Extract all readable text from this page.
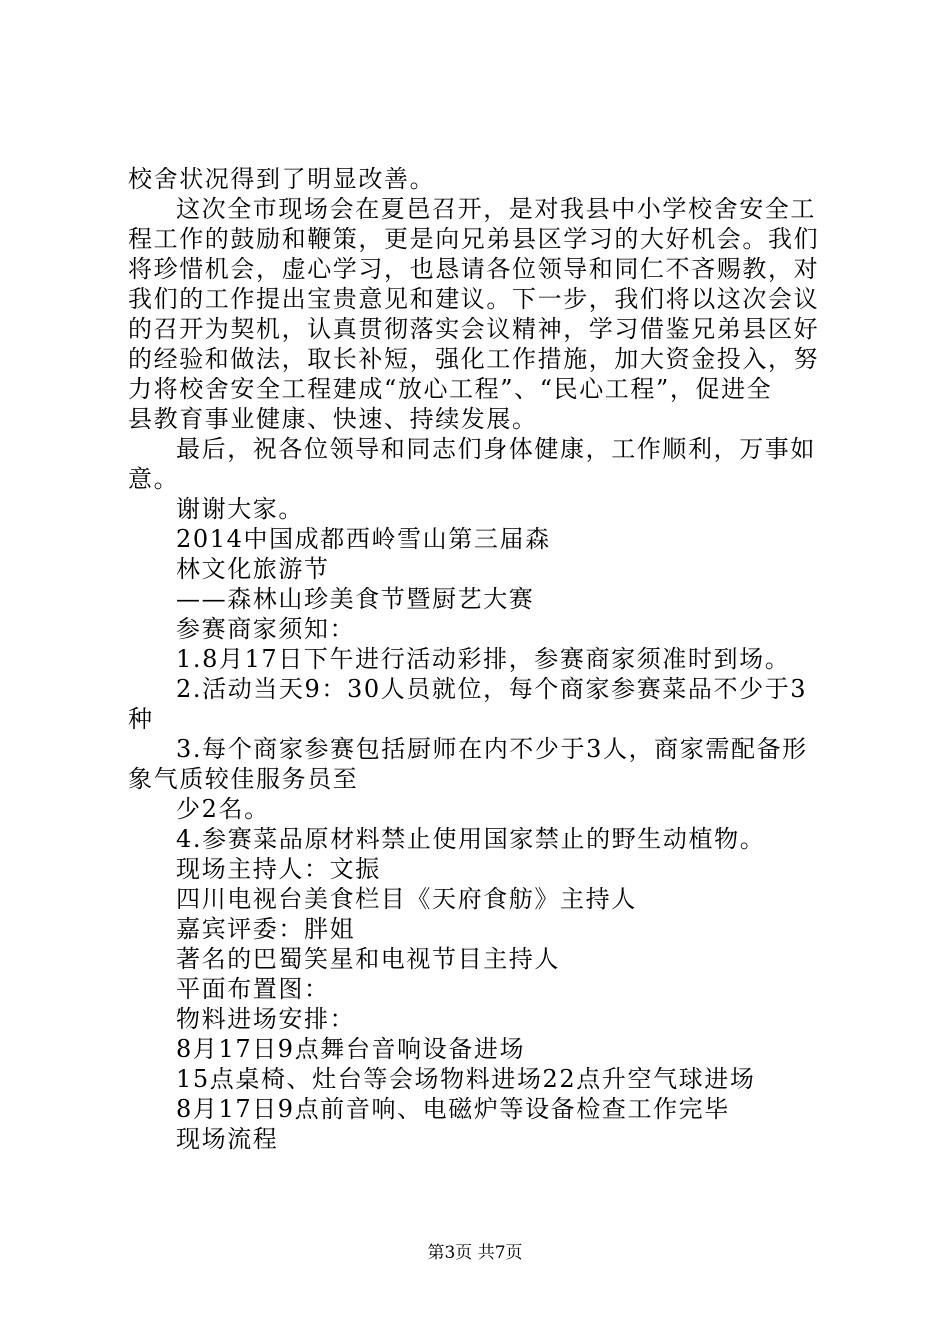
校舍状况得到了明显改善。
这次全市现场会在夏邑召开，是对我县中小学校舍安全工
程工作的鼓励和鞭策，更是向兄弟县区学习的大好机会。我们
将珍惜机会，虚心学习，也恳请各位领导和同仁不吝赐教，对
我们的工作提出宝贵意见和建议。下一步，我们将以这次会议
的召开为契机，认真贯彻落实会议精神，学习借鉴兄弟县区好
的经验和做法，取长补短，强化工作措施，加大资金投入，努
力将校舍安全工程建成“放心工程”、“民心工程”，促进全
县教育事业健康、快速、持续发展。
最后，祝各位领导和同志们身体健康，工作顺利，万事如
意。
谢谢大家。
2014中国成都西岭雪山第三届森
林文化旅游节
——森林山珍美食节暨厨艺大赛
参赛商家须知：
1.8月17日下午进行活动彩排，参赛商家须准时到场。
2.活动当天9：30人员就位，每个商家参赛菜品不少于3
种
3.每个商家参赛包括厨师在内不少于3人，商家需配备形
象气质较佳服务员至
少2名。
4.参赛菜品原材料禁止使用国家禁止的野生动植物。
现场主持人：文振
四川电视台美食栏目《天府食舫》主持人
嘉宾评委：胖姐
著名的巴蜀笑星和电视节目主持人
平面布置图：
物料进场安排：
8月17日9点舞台音响设备进场
15点桌椅、灶台等会场物料进场22点升空气球进场
8月17日9点前音响、电磁炉等设备检查工作完毕
现场流程
第3页 共7页
